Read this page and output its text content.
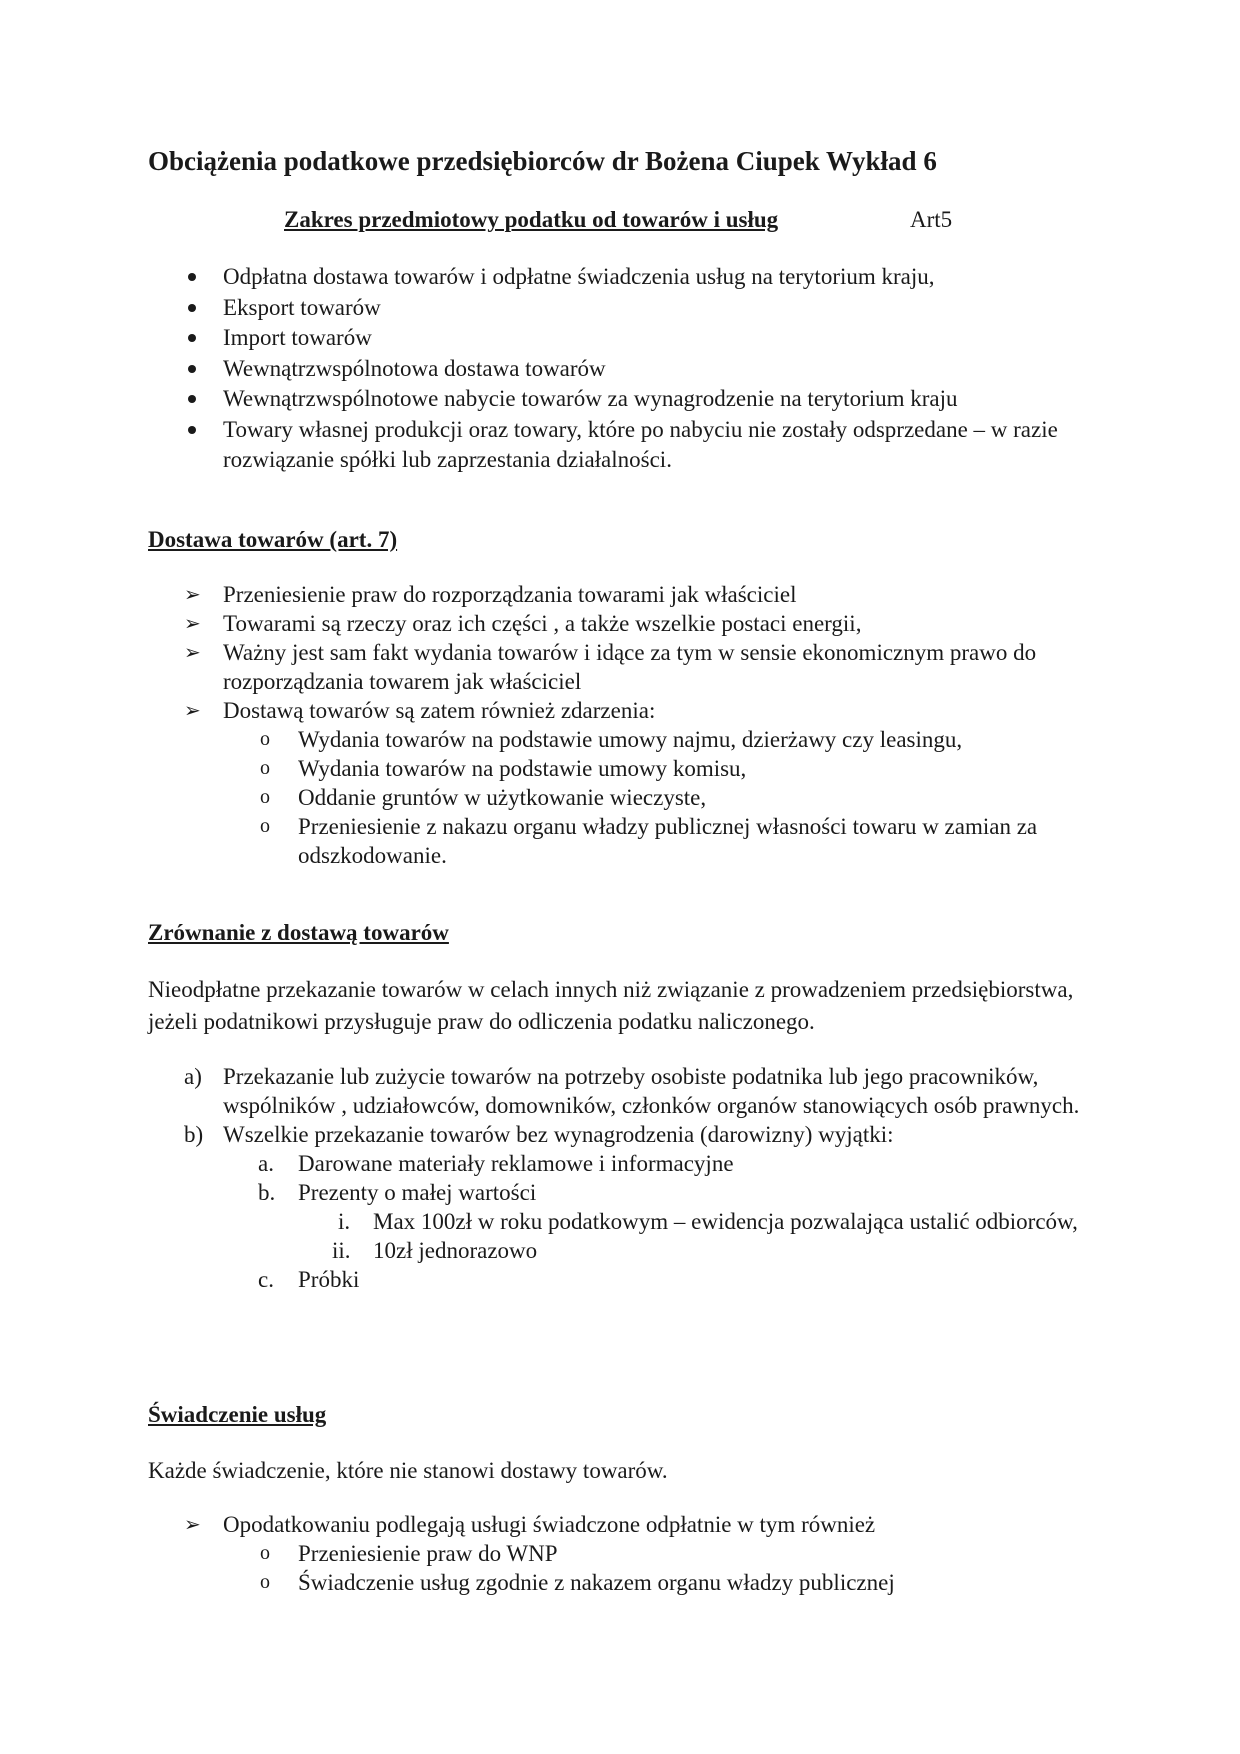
Obciążenia podatkowe przedsiębiorców dr Bożena Ciupek Wykład 6
Zakres przedmiotowy podatku od towarów i usług	Art5
Odpłatna dostawa towarów i odpłatne świadczenia usług na terytorium kraju,
Eksport towarów
Import towarów
Wewnątrzwspólnotowa dostawa towarów
Wewnątrzwspólnotowe nabycie towarów za wynagrodzenie na terytorium kraju
Towary własnej produkcji oraz towary, które po nabyciu nie zostały odsprzedane – w razie rozwiązanie spółki lub zaprzestania działalności.
Dostawa towarów (art. 7)
➢ Przeniesienie praw do rozporządzania towarami jak właściciel
➢ Towarami są rzeczy oraz ich części , a także wszelkie postaci energii,
➢ Ważny jest sam fakt wydania towarów i idące za tym w sensie ekonomicznym prawo do rozporządzania towarem jak właściciel
➢ Dostawą towarów są zatem również zdarzenia:
o Wydania towarów na podstawie umowy najmu, dzierżawy czy leasingu,
o Wydania towarów na podstawie umowy komisu,
o Oddanie gruntów w użytkowanie wieczyste,
o Przeniesienie z nakazu organu władzy publicznej własności towaru w zamian za odszkodowanie.
Zrównanie z dostawą towarów
Nieodpłatne przekazanie towarów w celach innych niż związanie z prowadzeniem przedsiębiorstwa, jeżeli podatnikowi przysługuje praw do odliczenia podatku naliczonego.
a) Przekazanie lub zużycie towarów na potrzeby osobiste podatnika lub jego pracowników, wspólników , udziałowców, domowników, członków organów stanowiących osób prawnych.
b) Wszelkie przekazanie towarów bez wynagrodzenia (darowizny) wyjątki:
a. Darowane materiały reklamowe i informacyjne
b. Prezenty o małej wartości
i. Max 100zł w roku podatkowym – ewidencja pozwalająca ustalić odbiorców,
ii. 10zł jednorazowo
c. Próbki
Świadczenie usług
Każde świadczenie, które nie stanowi dostawy towarów.
➢ Opodatkowaniu podlegają usługi świadczone odpłatnie w tym również
o Przeniesienie praw do WNP
o Świadczenie usług zgodnie z nakazem organu władzy publicznej
